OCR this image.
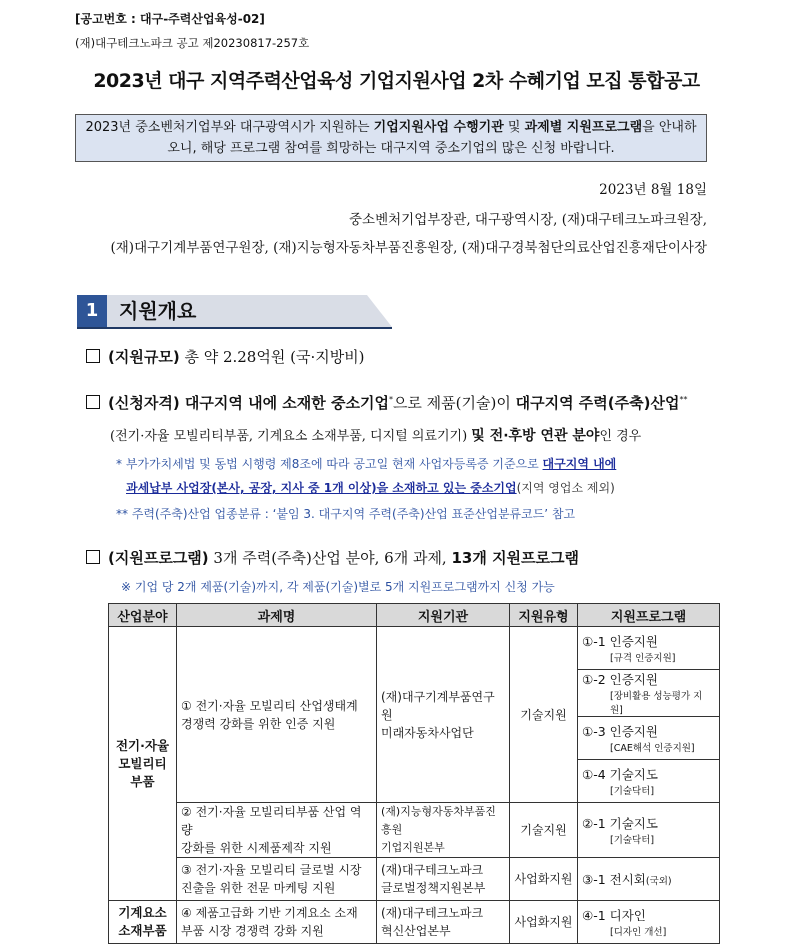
[공고번호 : 대구-주력산업육성-02]
(재)대구테크노파크 공고 제20230817-257호
2023년 대구 지역주력산업육성 기업지원사업 2차 수혜기업 모집 통합공고
2023년 중소벤처기업부와 대구광역시가 지원하는 기업지원사업 수행기관 및 과제별 지원프로그램을 안내하오니, 해당 프로그램 참여를 희망하는 대구지역 중소기업의 많은 신청 바랍니다.
2023년 8월 18일
중소벤처기업부장관, 대구광역시장, (재)대구테크노파크원장,
(재)대구기계부품연구원장, (재)지능형자동차부품진흥원장, (재)대구경북첨단의료산업진흥재단이사장
1	지원개요
(지원규모) 총 약 2.28억원 (국·지방비)
(신청자격) 대구지역 내에 소재한 중소기업*으로 제품(기술)이 대구지역 주력(주축)산업**
(전기·자율 모빌리티부품, 기계요소 소재부품, 디지털 의료기기) 및 전·후방 연관 분야인 경우
* 부가가치세법 및 동법 시행령 제8조에 따라 공고일 현재 사업자등록증 기준으로 대구지역 내에
과세납부 사업장(본사, 공장, 지사 중 1개 이상)을 소재하고 있는 중소기업(지역 영업소 제외)
** 주력(주축)산업 업종분류 : ‘붙임 3. 대구지역 주력(주축)산업 표준산업분류코드’ 참고
(지원프로그램) 3개 주력(주축)산업 분야, 6개 과제, 13개 지원프로그램
※ 기업 당 2개 제품(기술)까지, 각 제품(기술)별로 5개 지원프로그램까지 신청 가능
산업분야	과제명	지원기관	지원유형	지원프로그램
전기·자율
모빌리티
부품	① 전기·자율 모빌리티 산업생태계
경쟁력 강화를 위한 인증 지원	(재)대구기계부품연구원
미래자동차사업단	기술지원	①-1 인증지원
[규격 인증지원]

				①-2 인증지원
[장비활용 성능평가 지원]

				①-3 인증지원
[CAE해석 인증지원]

				①-4 기술지도
[기술닥터]

	② 전기·자율 모빌리티부품 산업 역량
강화를 위한 시제품제작 지원	(재)지능형자동차부품진흥원
기업지원본부	기술지원	②-1 기술지도
[기술닥터]

	③ 전기·자율 모빌리티 글로벌 시장
진출을 위한 전문 마케팅 지원	(재)대구테크노파크
글로벌정책지원본부	사업화지원	③-1 전시회(국외)
기계요소
소재부품	④ 제품고급화 기반 기계요소 소재
부품 시장 경쟁력 강화 지원	(재)대구테크노파크
혁신산업본부	사업화지원	④-1 디자인
[디자인 개선]
